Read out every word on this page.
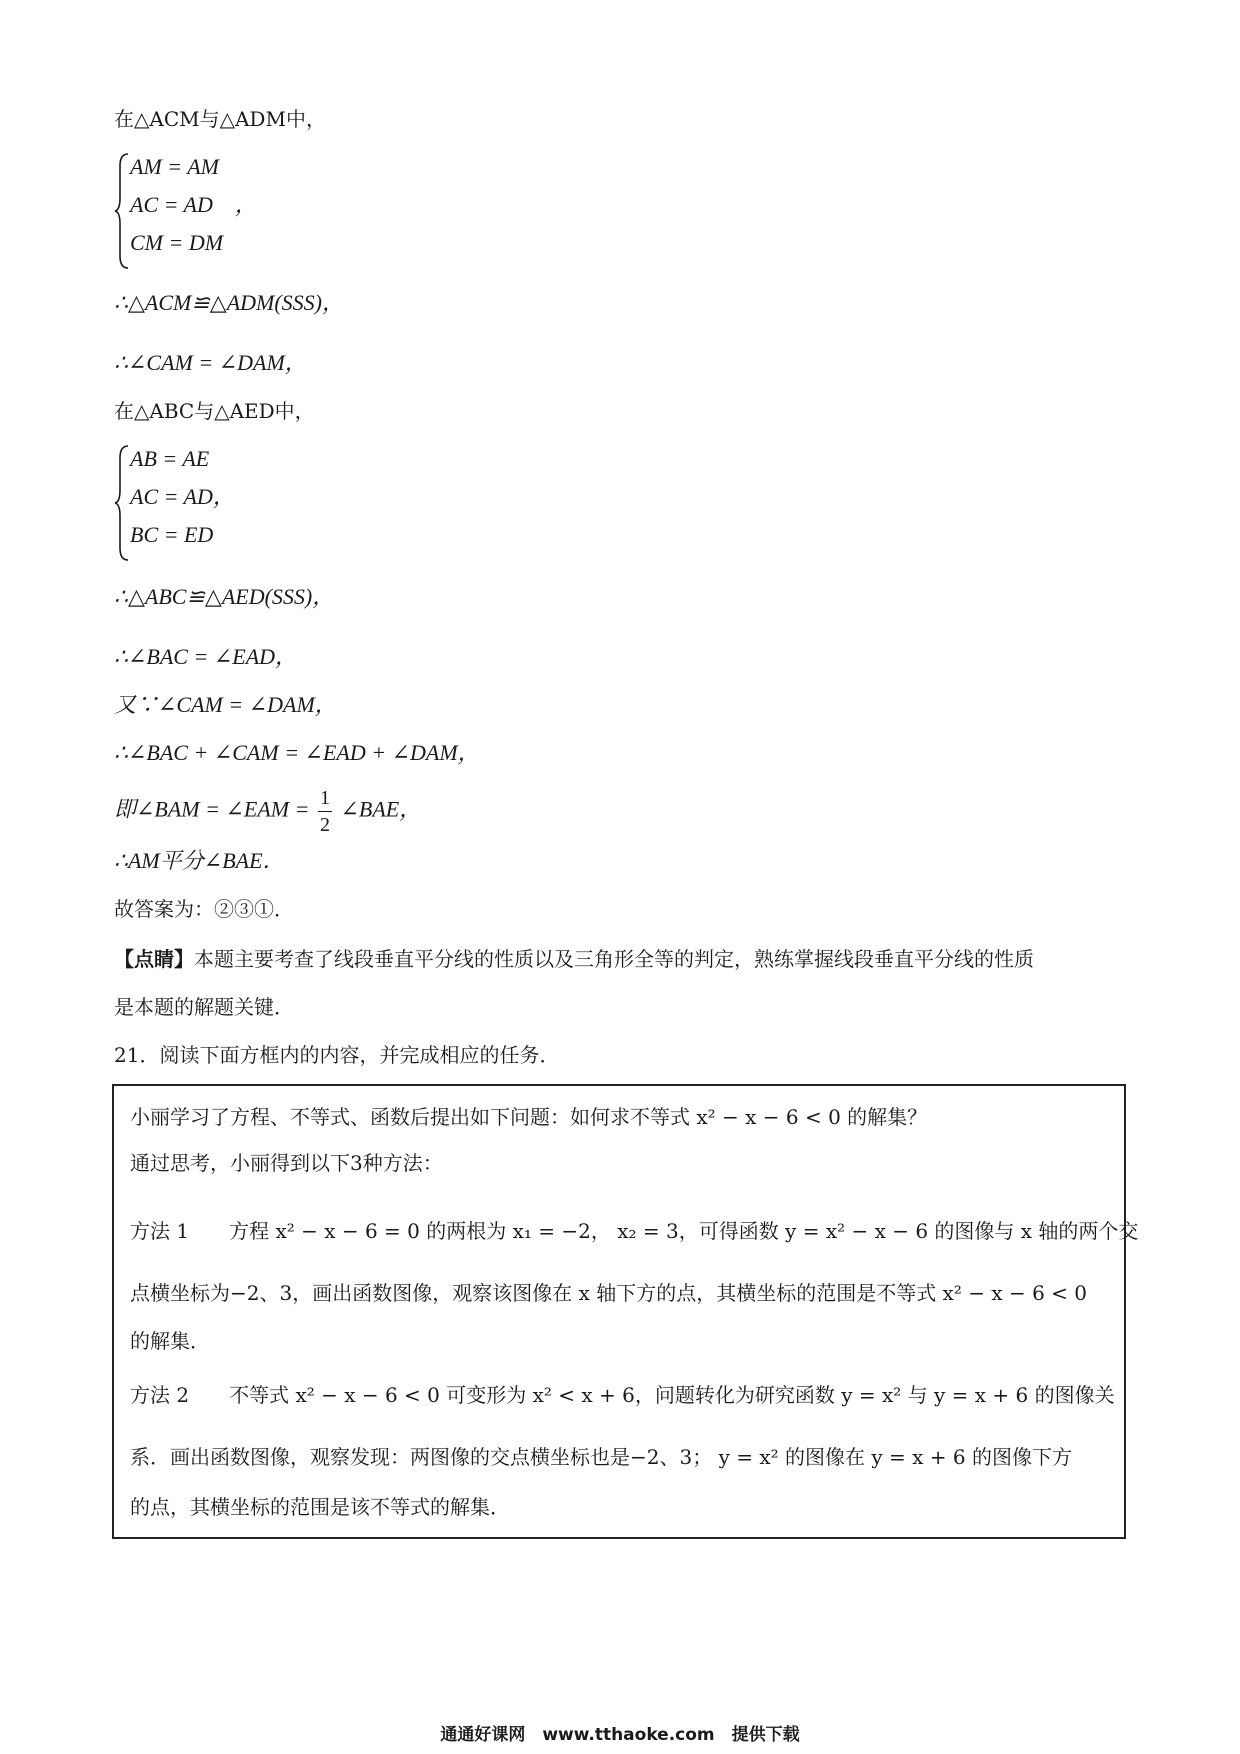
在△ACM与△ADM中，
AM = AM
AC = AD　，
CM = DM
∴△ACM≌△ADM(SSS)，
∴∠CAM = ∠DAM，
在△ABC与△AED中，
AB = AE
AC = AD，
BC = ED
∴△ABC≌△AED(SSS)，
∴∠BAC = ∠EAD，
又∵∠CAM = ∠DAM，
∴∠BAC + ∠CAM = ∠EAD + ∠DAM，
即∠BAM = ∠EAM = $\frac{1}{2}$ ∠BAE，
∴AM平分∠BAE．
故答案为：②③①．
【点睛】本题主要考查了线段垂直平分线的性质以及三角形全等的判定，熟练掌握线段垂直平分线的性质
是本题的解题关键．
21．阅读下面方框内的内容，并完成相应的任务．
小丽学习了方程、不等式、函数后提出如下问题：如何求不等式 x² − x − 6 < 0 的解集？
通过思考，小丽得到以下3种方法：
方法 1　　方程 x² − x − 6 = 0 的两根为 x₁ = −2， x₂ = 3，可得函数 y = x² − x − 6 的图像与 x 轴的两个交
点横坐标为−2、3，画出函数图像，观察该图像在 x 轴下方的点，其横坐标的范围是不等式 x² − x − 6 < 0
的解集．
方法 2　　不等式 x² − x − 6 < 0 可变形为 x² < x + 6，问题转化为研究函数 y = x² 与 y = x + 6 的图像关
系．画出函数图像，观察发现：两图像的交点横坐标也是−2、3； y = x² 的图像在 y = x + 6 的图像下方
的点，其横坐标的范围是该不等式的解集．
通通好课网　www.tthaoke.com　提供下载
